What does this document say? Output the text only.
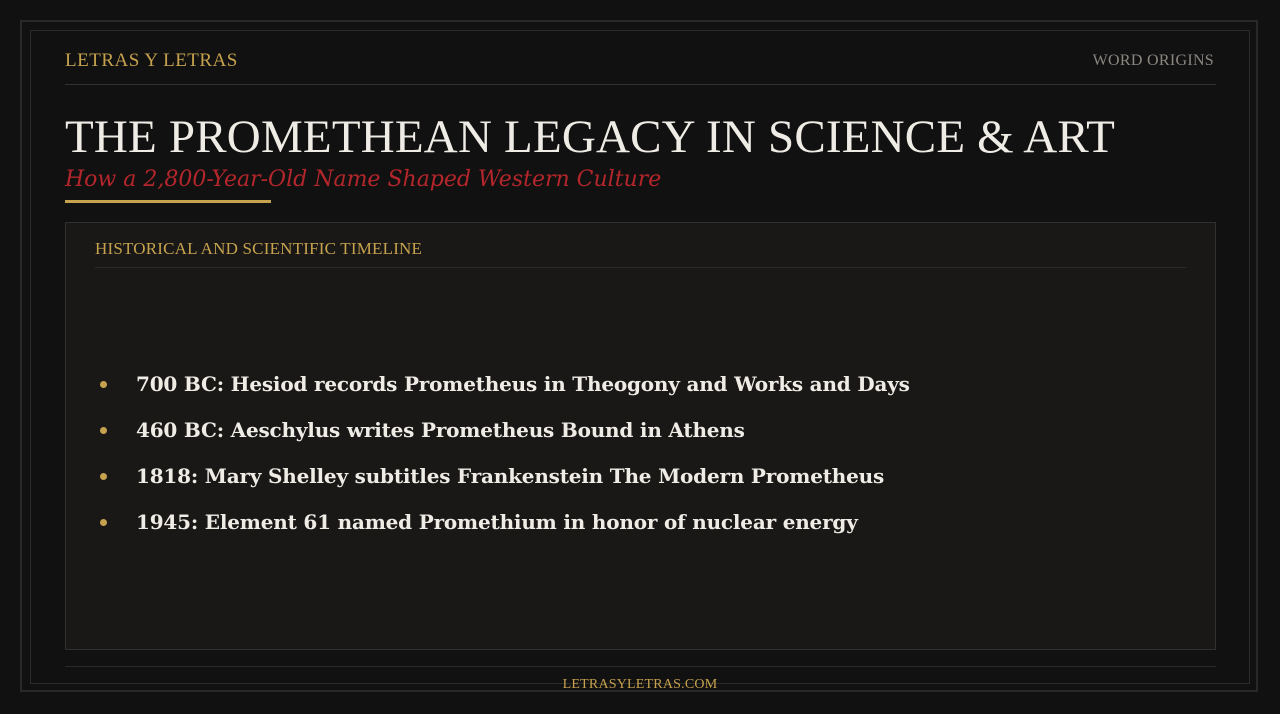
LETRAS Y LETRAS	WORD ORIGINS
THE PROMETHEAN LEGACY IN SCIENCE & ART
How a 2,800-Year-Old Name Shaped Western Culture
HISTORICAL AND SCIENTIFIC TIMELINE
700 BC: Hesiod records Prometheus in Theogony and Works and Days
460 BC: Aeschylus writes Prometheus Bound in Athens
1818: Mary Shelley subtitles Frankenstein The Modern Prometheus
1945: Element 61 named Promethium in honor of nuclear energy
LETRASYLETRAS.COM
